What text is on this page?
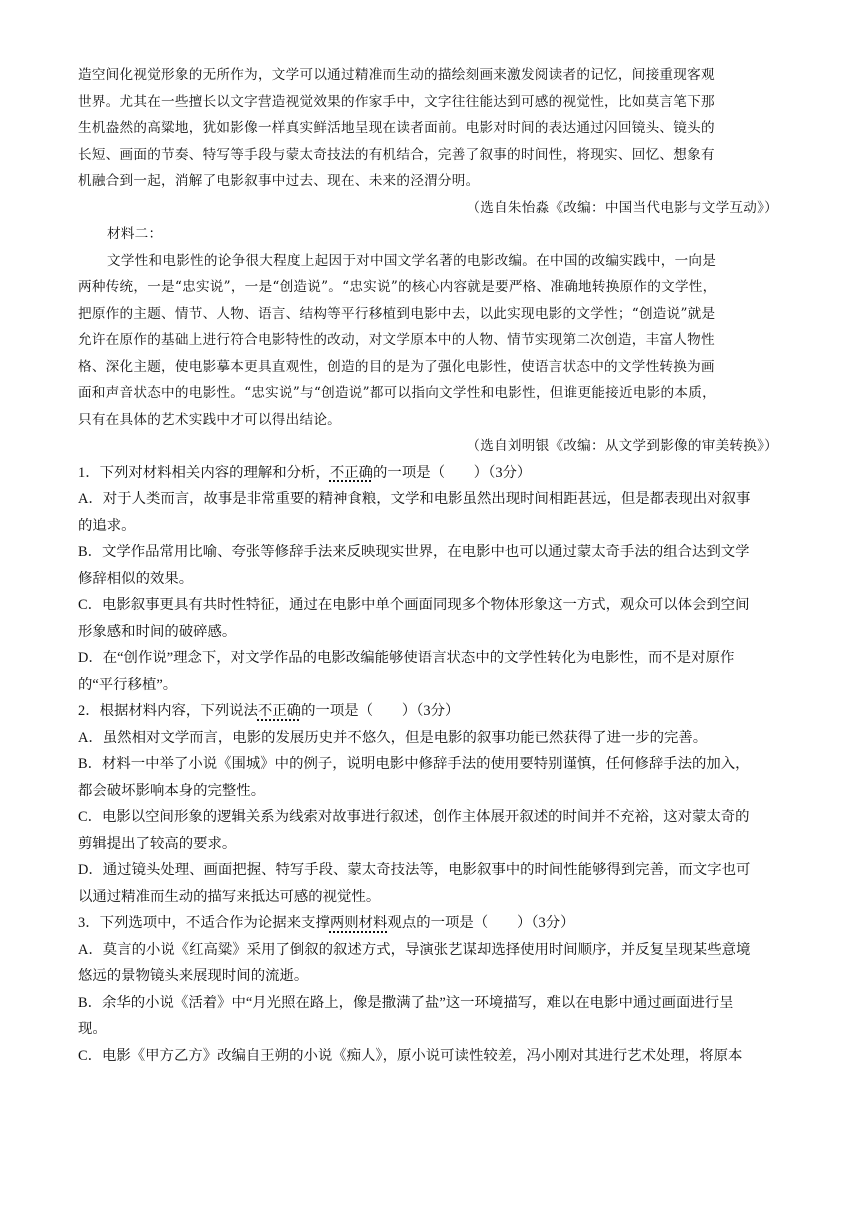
造空间化视觉形象的无所作为，文学可以通过精准而生动的描绘刻画来激发阅读者的记忆，间接重现客观
世界。尤其在一些擅长以文字营造视觉效果的作家手中，文字往往能达到可感的视觉性，比如莫言笔下那
生机盎然的高粱地，犹如影像一样真实鲜活地呈现在读者面前。电影对时间的表达通过闪回镜头、镜头的
长短、画面的节奏、特写等手段与蒙太奇技法的有机结合，完善了叙事的时间性，将现实、回忆、想象有
机融合到一起，消解了电影叙事中过去、现在、未来的泾渭分明。
（选自朱怡淼《改编：中国当代电影与文学互动》）
材料二：
文学性和电影性的论争很大程度上起因于对中国文学名著的电影改编。在中国的改编实践中，一向是
两种传统，一是“忠实说”，一是“创造说”。“忠实说”的核心内容就是要严格、准确地转换原作的文学性，
把原作的主题、情节、人物、语言、结构等平行移植到电影中去，以此实现电影的文学性；“创造说”就是
允许在原作的基础上进行符合电影特性的改动，对文学原本中的人物、情节实现第二次创造，丰富人物性
格、深化主题，使电影摹本更具直观性，创造的目的是为了强化电影性，使语言状态中的文学性转换为画
面和声音状态中的电影性。“忠实说”与“创造说”都可以指向文学性和电影性，但谁更能接近电影的本质，
只有在具体的艺术实践中才可以得出结论。
（选自刘明银《改编：从文学到影像的审美转换》）
1．下列对材料相关内容的理解和分析，不正确的一项是（　　）（3分）
A．对于人类而言，故事是非常重要的精神食粮，文学和电影虽然出现时间相距甚远，但是都表现出对叙事
的追求。
B．文学作品常用比喻、夸张等修辞手法来反映现实世界，在电影中也可以通过蒙太奇手法的组合达到文学
修辞相似的效果。
C．电影叙事更具有共时性特征，通过在电影中单个画面同现多个物体形象这一方式，观众可以体会到空间
形象感和时间的破碎感。
D．在“创作说”理念下，对文学作品的电影改编能够使语言状态中的文学性转化为电影性，而不是对原作
的“平行移植”。
2．根据材料内容，下列说法不正确的一项是（　　）（3分）
A．虽然相对文学而言，电影的发展历史并不悠久，但是电影的叙事功能已然获得了进一步的完善。
B．材料一中举了小说《围城》中的例子，说明电影中修辞手法的使用要特别谨慎，任何修辞手法的加入，
都会破坏影响本身的完整性。
C．电影以空间形象的逻辑关系为线索对故事进行叙述，创作主体展开叙述的时间并不充裕，这对蒙太奇的
剪辑提出了较高的要求。
D．通过镜头处理、画面把握、特写手段、蒙太奇技法等，电影叙事中的时间性能够得到完善，而文字也可
以通过精准而生动的描写来抵达可感的视觉性。
3．下列选项中，不适合作为论据来支撑两则材料观点的一项是（　　）（3分）
A．莫言的小说《红高粱》采用了倒叙的叙述方式，导演张艺谋却选择使用时间顺序，并反复呈现某些意境
悠远的景物镜头来展现时间的流逝。
B．余华的小说《活着》中“月光照在路上，像是撒满了盐”这一环境描写，难以在电影中通过画面进行呈
现。
C．电影《甲方乙方》改编自王朔的小说《痴人》，原小说可读性较差，冯小刚对其进行艺术处理，将原本
